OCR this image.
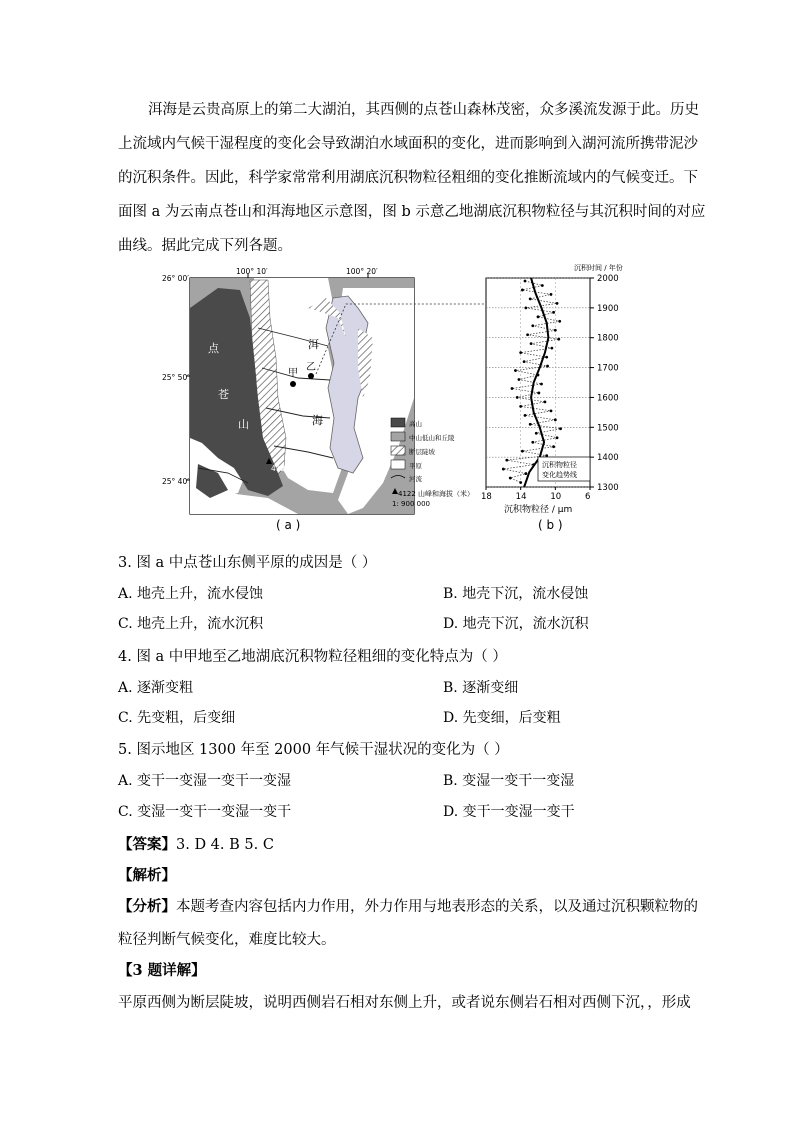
洱海是云贵高原上的第二大湖泊，其西侧的点苍山森林茂密，众多溪流发源于此。历史
上流域内气候干湿程度的变化会导致湖泊水域面积的变化，进而影响到入湖河流所携带泥沙
的沉积条件。因此，科学家常常利用湖底沉积物粒径粗细的变化推断流域内的气候变迁。下
面图 a 为云南点苍山和洱海地区示意图，图 b 示意乙地湖底沉积物粒径与其沉积时间的对应
曲线。据此完成下列各题。
26° 00′
100° 10′	100° 20′
25° 50′
25° 40′
点
苍
山
洱
海
甲
乙
4122
高山
中山低山和丘陵
断层陡坡
平原
河流
4122 山峰和海拔（米）
1: 900 000
( a )
2000
1900
1800
1700
1600
1500
1400
1300
18	14	10	6
沉积物粒径
变化趋势线
沉积时间 / 年份
沉积物粒径 / μm
( b )
3. 图 a 中点苍山东侧平原的成因是（ ）
A. 地壳上升，流水侵蚀	B. 地壳下沉，流水侵蚀
C. 地壳上升，流水沉积	D. 地壳下沉，流水沉积
4. 图 a 中甲地至乙地湖底沉积物粒径粗细的变化特点为（ ）
A. 逐渐变粗	B. 逐渐变细
C. 先变粗，后变细	D. 先变细，后变粗
5. 图示地区 1300 年至 2000 年气候干湿状况的变化为（ ）
A. 变干一变湿一变干一变湿	B. 变湿一变干一变湿
C. 变湿一变干一变湿一变干	D. 变干一变湿一变干
【答案】3. D 4. B 5. C
【解析】
【分析】本题考查内容包括内力作用，外力作用与地表形态的关系，以及通过沉积颗粒物的
粒径判断气候变化，难度比较大。
【3 题详解】
平原西侧为断层陡坡，说明西侧岩石相对东侧上升，或者说东侧岩石相对西侧下沉，，形成
